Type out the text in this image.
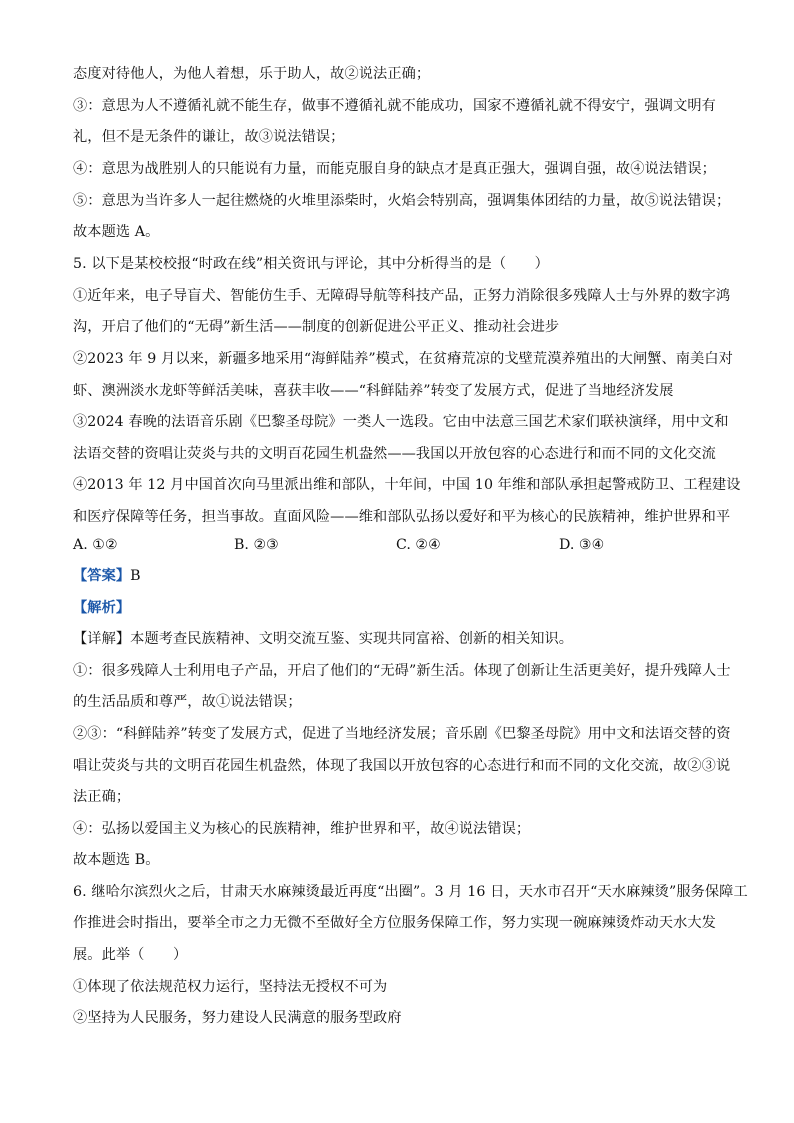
态度对待他人，为他人着想，乐于助人，故②说法正确；
③：意思为人不遵循礼就不能生存，做事不遵循礼就不能成功，国家不遵循礼就不得安宁，强调文明有
礼，但不是无条件的谦让，故③说法错误；
④：意思为战胜别人的只能说有力量，而能克服自身的缺点才是真正强大，强调自强，故④说法错误；
⑤：意思为当许多人一起往燃烧的火堆里添柴时，火焰会特别高，强调集体团结的力量，故⑤说法错误；
故本题选 A。
5. 以下是某校校报“时政在线”相关资讯与评论，其中分析得当的是（　　）
①近年来，电子导盲犬、智能仿生手、无障碍导航等科技产品，正努力消除很多残障人士与外界的数字鸿
沟，开启了他们的“无碍”新生活——制度的创新促进公平正义、推动社会进步
②2023 年 9 月以来，新疆多地采用“海鲜陆养”模式，在贫瘠荒凉的戈壁荒漠养殖出的大闸蟹、南美白对
虾、澳洲淡水龙虾等鲜活美味，喜获丰收——“科鲜陆养”转变了发展方式，促进了当地经济发展
③2024 春晚的法语音乐剧《巴黎圣母院》一类人一选段。它由中法意三国艺术家们联袂演绎，用中文和
法语交替的资唱让荧炎与共的文明百花园生机盎然——我国以开放包容的心态进行和而不同的文化交流
④2013 年 12 月中国首次向马里派出维和部队，十年间，中国 10 年维和部队承担起警戒防卫、工程建设
和医疗保障等任务，担当事故。直面风险——维和部队弘扬以爱好和平为核心的民族精神，维护世界和平
A. ①②	B. ②③	C. ②④	D. ③④
【答案】B
【解析】
【详解】本题考查民族精神、文明交流互鉴、实现共同富裕、创新的相关知识。
①：很多残障人士利用电子产品，开启了他们的“无碍”新生活。体现了创新让生活更美好，提升残障人士
的生活品质和尊严，故①说法错误；
②③：“科鲜陆养”转变了发展方式，促进了当地经济发展；音乐剧《巴黎圣母院》用中文和法语交替的资
唱让荧炎与共的文明百花园生机盎然，体现了我国以开放包容的心态进行和而不同的文化交流，故②③说
法正确；
④：弘扬以爱国主义为核心的民族精神，维护世界和平，故④说法错误；
故本题选 B。
6. 继哈尔滨烈火之后，甘肃天水麻辣烫最近再度“出圈”。3 月 16 日，天水市召开“天水麻辣烫”服务保障工
作推进会时指出，要举全市之力无微不至做好全方位服务保障工作，努力实现一碗麻辣烫炸动天水大发
展。此举（　　）
①体现了依法规范权力运行，坚持法无授权不可为
②坚持为人民服务，努力建设人民满意的服务型政府
